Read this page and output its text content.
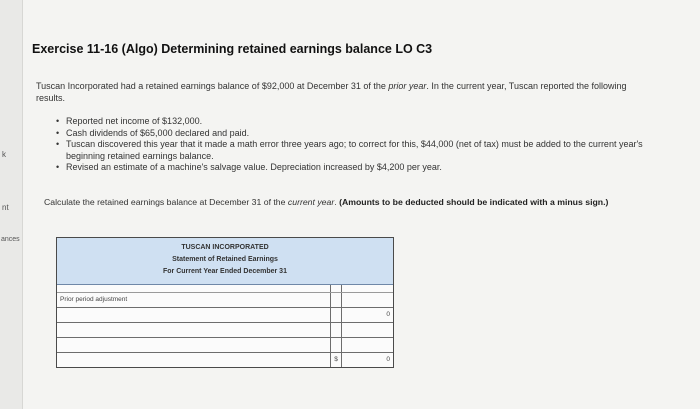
k
nt
ances
Exercise 11-16 (Algo) Determining retained earnings balance LO C3

Tuscan Incorporated had a retained earnings balance of $92,000 at December 31 of the prior year. In the current year, Tuscan reported the following results.

• Reported net income of $132,000.
• Cash dividends of $65,000 declared and paid.
• Tuscan discovered this year that it made a math error three years ago; to correct for this, $44,000 (net of tax) must be added to the current year's beginning retained earnings balance.
• Revised an estimate of a machine's salvage value. Depreciation increased by $4,200 per year.

Calculate the retained earnings balance at December 31 of the current year. (Amounts to be deducted should be indicated with a minus sign.)

TUSCAN INCORPORATED
Statement of Retained Earnings
For Current Year Ended December 31
Prior period adjustment
0
$	0
